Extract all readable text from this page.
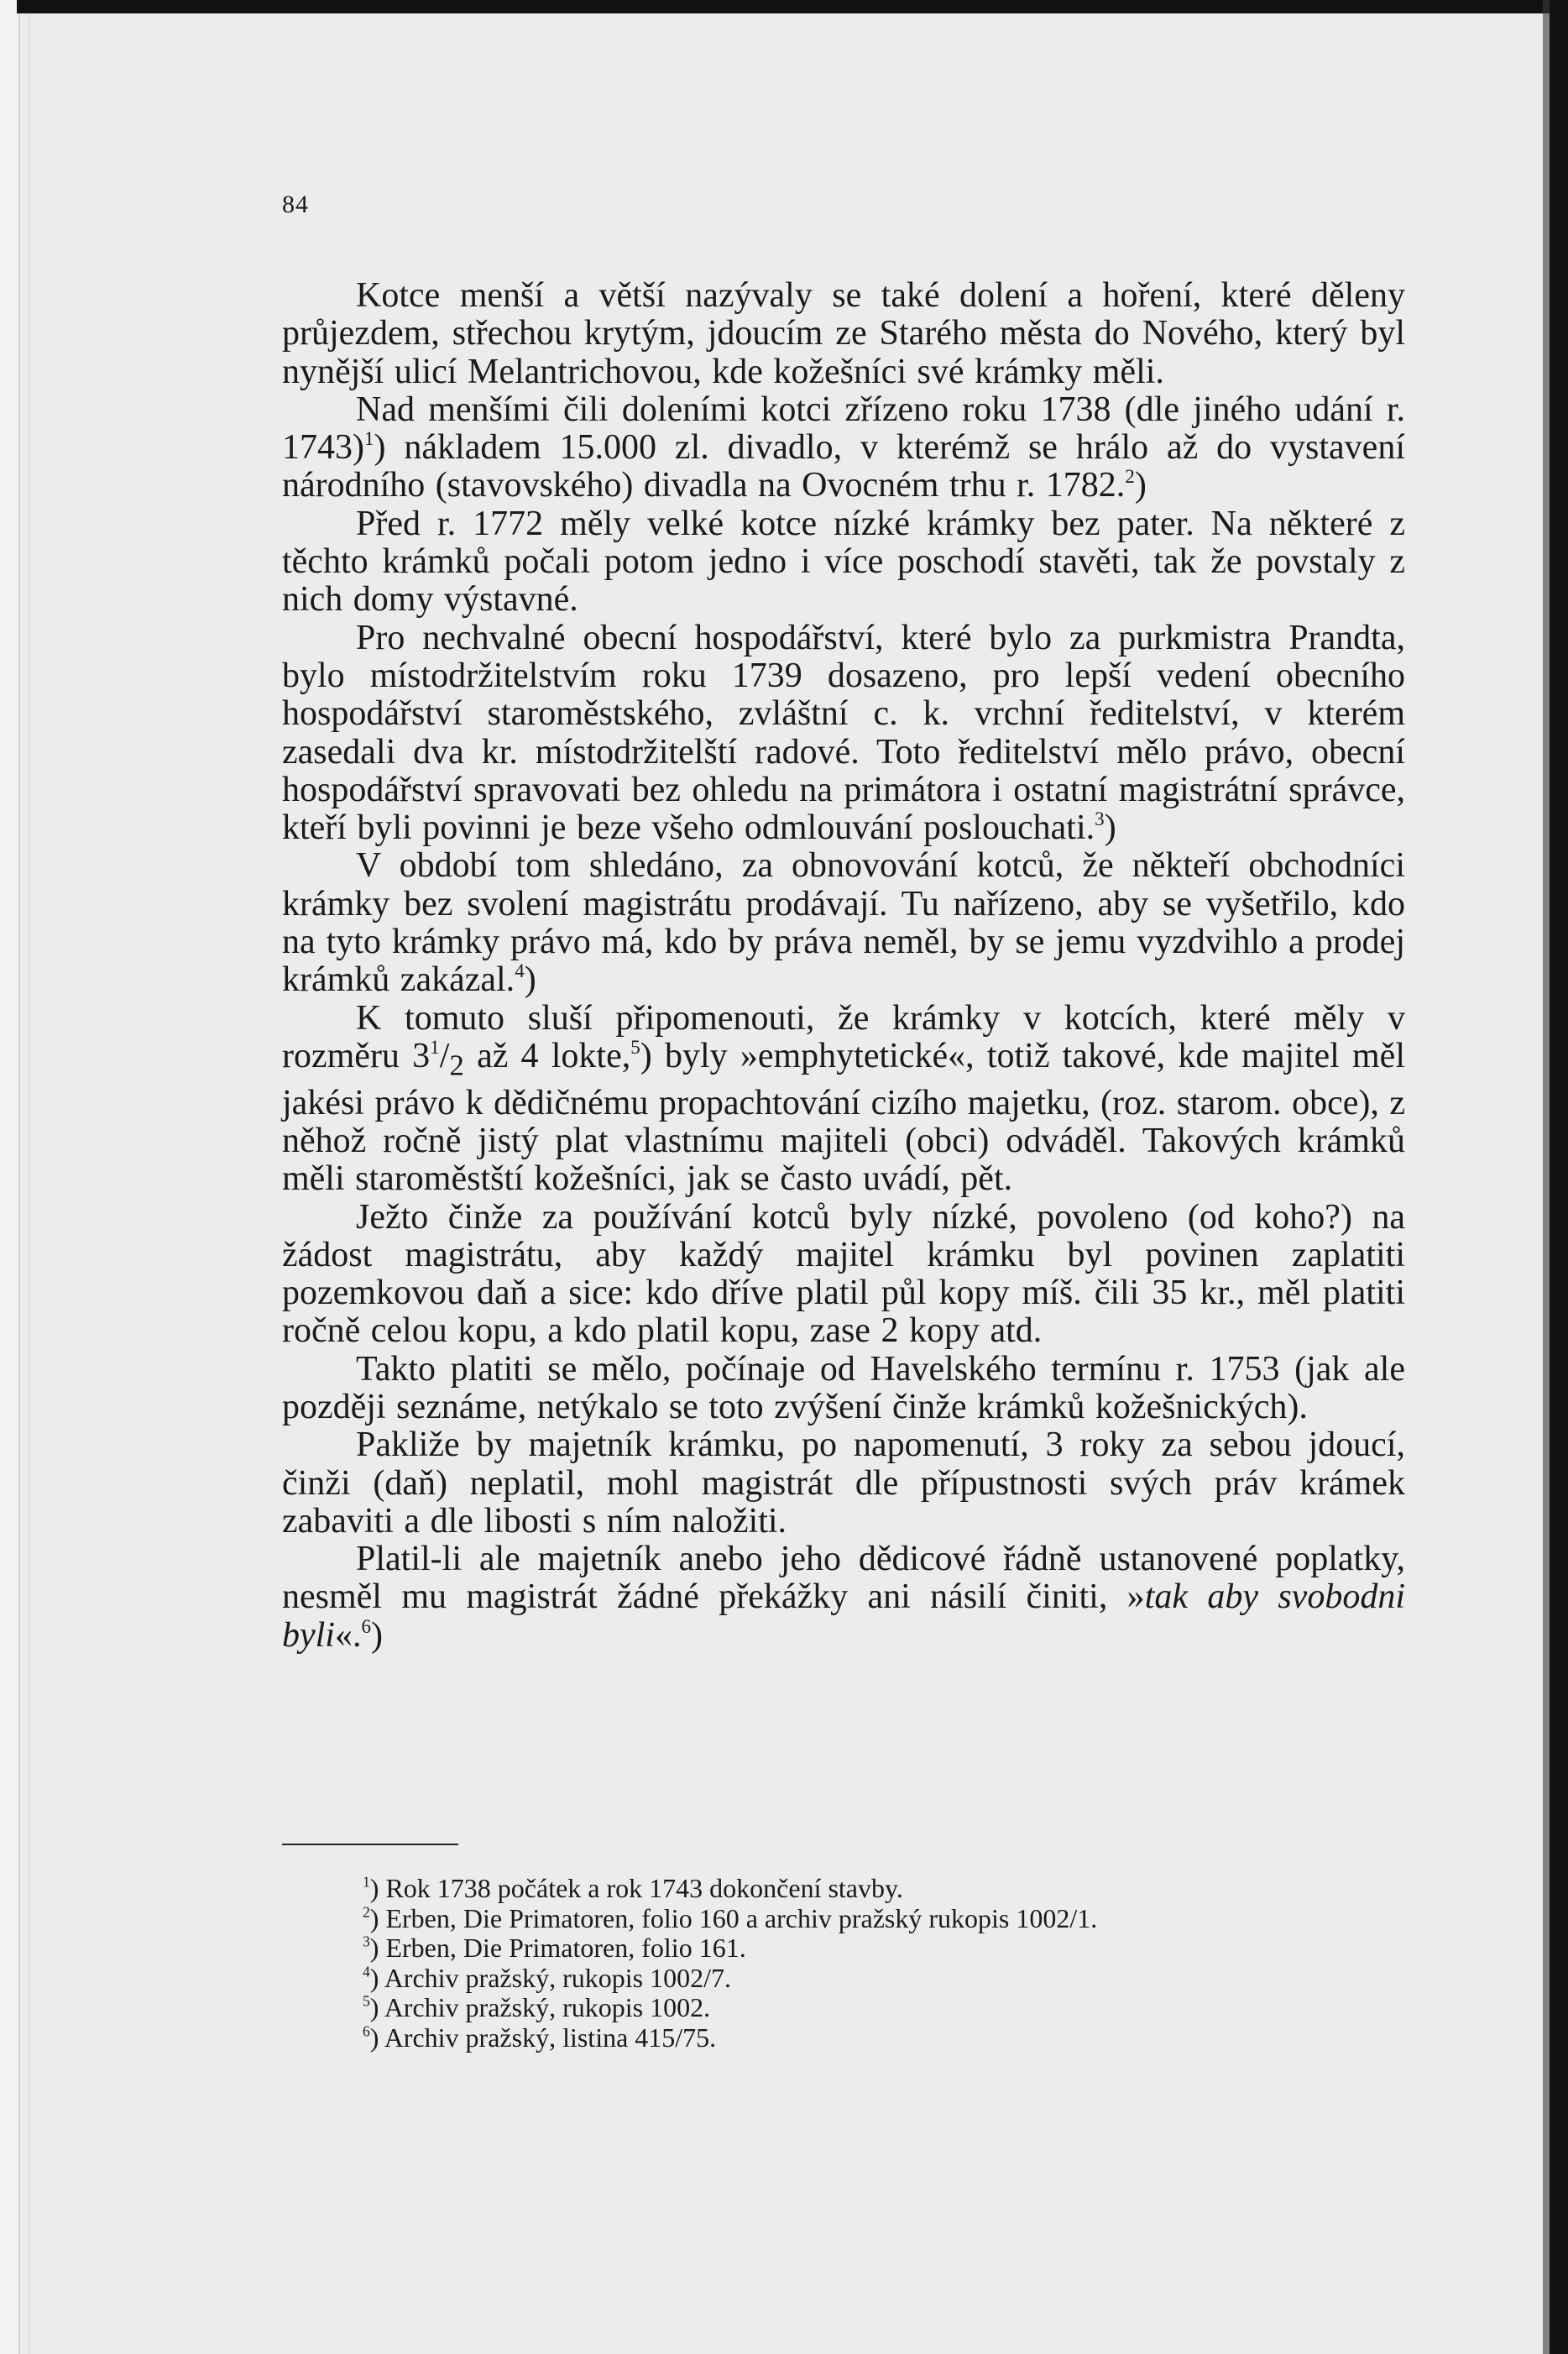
84

Kotce menší a větší nazývaly se také dolení a hoření, které děleny průjezdem, střechou krytým, jdoucím ze Starého města do Nového, který byl nynější ulicí Melantrichovou, kde kožešníci své krámky měli.

Nad menšími čili doleními kotci zřízeno roku 1738 (dle jiného udání r. 1743)$^1$) nákladem 15.000 zl. divadlo, v kterémž se hrálo až do vystavení národního (stavovského) divadla na Ovocném trhu r. 1782.$^2$)

Před r. 1772 měly velké kotce nízké krámky bez pater. Na některé z těchto krámků počali potom jedno i více poschodí stavěti, tak že povstaly z nich domy výstavné.

Pro nechvalné obecní hospodářství, které bylo za purkmistra Prandta, bylo místodržitelstvím roku 1739 dosazeno, pro lepší vedení obecního hospodářství staroměstského, zvláštní c. k. vrchní ředitelství, v kterém zasedali dva kr. místodržitelští radové. Toto ředitelství mělo právo, obecní hospodářství spravovati bez ohledu na primátora i ostatní magistrátní správce, kteří byli povinni je beze všeho odmlouvání poslouchati.$^3$)

V období tom shledáno, za obnovování kotců, že někteří obchodníci krámky bez svolení magistrátu prodávají. Tu nařízeno, aby se vyšetřilo, kdo na tyto krámky právo má, kdo by práva neměl, by se jemu vyzdvihlo a prodej krámků zakázal.$^4$)

K tomuto sluší připomenouti, že krámky v kotcích, které měly v rozměru $3^1/_2$ až 4 lokte,$^5$) byly »emphytetické«, totiž takové, kde majitel měl jakési právo k dědičnému propachtování cizího majetku, (roz. starom. obce), z něhož ročně jistý plat vlastnímu majiteli (obci) odváděl. Takových krámků měli staroměstští kožešníci, jak se často uvádí, pět.

Ježto činže za používání kotců byly nízké, povoleno (od koho?) na žádost magistrátu, aby každý majitel krámku byl povinen zaplatiti pozemkovou daň a sice: kdo dříve platil půl kopy míš. čili 35 kr., měl platiti ročně celou kopu, a kdo platil kopu, zase 2 kopy atd.

Takto platiti se mělo, počínaje od Havelského termínu r. 1753 (jak ale později seznáme, netýkalo se toto zvýšení činže krámků kožešnických).

Pakliže by majetník krámku, po napomenutí, 3 roky za sebou jdoucí, činži (daň) neplatil, mohl magistrát dle přípustnosti svých práv krámek zabaviti a dle libosti s ním naložiti.

Platil-li ale majetník anebo jeho dědicové řádně ustanovené poplatky, nesměl mu magistrát žádné překážky ani násilí činiti, »tak aby svobodni byli«.$^6$)

$^1$) Rok 1738 počátek a rok 1743 dokončení stavby.
$^2$) Erben, Die Primatoren, folio 160 a archiv pražský rukopis 1002/1.
$^3$) Erben, Die Primatoren, folio 161.
$^4$) Archiv pražský, rukopis 1002/7.
$^5$) Archiv pražský, rukopis 1002.
$^6$) Archiv pražský, listina 415/75.
